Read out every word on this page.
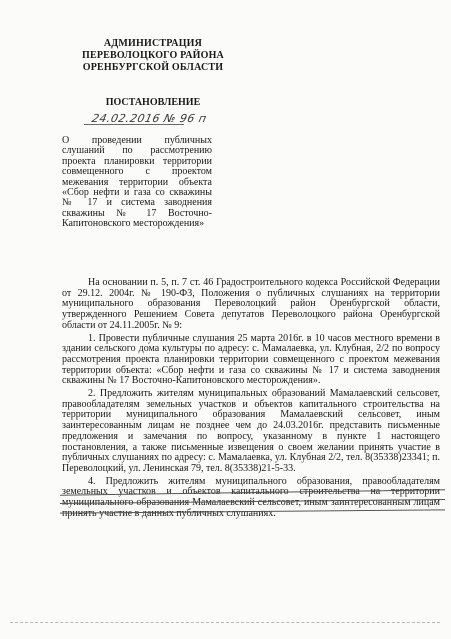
АДМИНИСТРАЦИЯ
ПЕРЕВОЛОЦКОГО РАЙОНА
ОРЕНБУРГСКОЙ ОБЛАСТИ
ПОСТАНОВЛЕНИЕ
24.02.2016 № 96 п
О проведении публичных слушаний по рассмотрению проекта планировки территории совмещенного с проектом межевания территории объекта «Сбор нефти и газа со скважины № 17 и система заводнения скважины № 17 Восточно-Капитоновского месторождения»

На основании п. 5, п. 7 ст. 46 Градостроительного кодекса Российской Федерации от 29.12. 2004г. № 190-ФЗ, Положения о публичных слушаниях на территории муниципального образования Переволоцкий район Оренбургской области, утвержденного Решением Совета депутатов Переволоцкого района Оренбургской области от 24.11.2005г. № 9:

1. Провести публичные слушания 25 марта 2016г. в 10 часов местного времени в здании сельского дома культуры по адресу: с. Мамалаевка, ул. Клубная, 2/2 по вопросу рассмотрения проекта планировки территории совмещенного с проектом межевания территории объекта: «Сбор нефти и газа со скважины № 17 и система заводнения скважины № 17 Восточно-Капитоновского месторождения».

2. Предложить жителям муниципальных образований Мамалаевский сельсовет, правообладателям земельных участков и объектов капитального строительства на территории муниципального образования Мамалаевский сельсовет, иным заинтересованным лицам не позднее чем до 24.03.2016г. представить письменные предложения и замечания по вопросу, указанному в пункте 1 настоящего постановления, а также письменные извещения о своем желании принять участие в публичных слушаниях по адресу: с. Мамалаевка, ул. Клубная 2/2, тел. 8(35338)23341; п. Переволоцкий, ул. Ленинская 79, тел. 8(35338)21-5-33.

4. Предложить жителям муниципального образования, правообладателям земельных участков и объектов капитального строительства на территории муниципального образования Мамалаевский сельсовет, иным заинтересованным лицам принять участие в данных публичных слушаниях.
